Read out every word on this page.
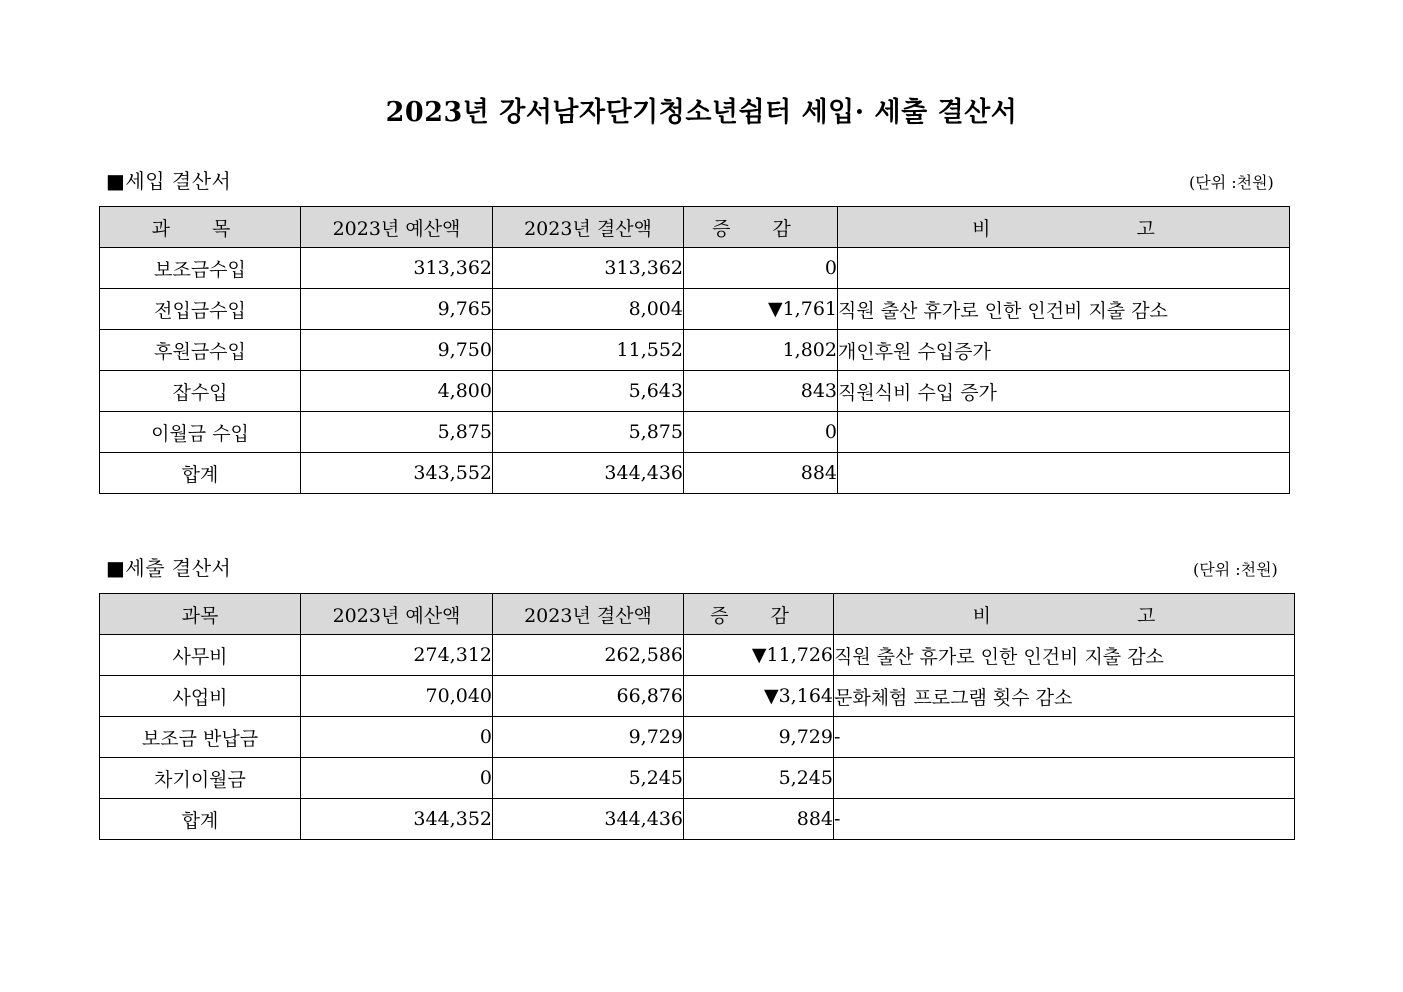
2023년 강서남자단기청소년쉼터 세입· 세출 결산서
■세입 결산서	(단위 :천원)
과 목	2023년 예산액	2023년 결산액	증 감	비 고
보조금수입	313,362	313,362	0	
전입금수입	9,765	8,004	▼1,761	직원 출산 휴가로 인한 인건비 지출 감소
후원금수입	9,750	11,552	1,802	개인후원 수입증가
잡수입	4,800	5,643	843	직원식비 수입 증가
이월금 수입	5,875	5,875	0	
합계	343,552	344,436	884	
■세출 결산서	(단위 :천원)
과목	2023년 예산액	2023년 결산액	증 감	비 고
사무비	274,312	262,586	▼11,726	직원 출산 휴가로 인한 인건비 지출 감소
사업비	70,040	66,876	▼3,164	문화체험 프로그램 횟수 감소
보조금 반납금	0	9,729	9,729	-
차기이월금	0	5,245	5,245	
합계	344,352	344,436	884	-
